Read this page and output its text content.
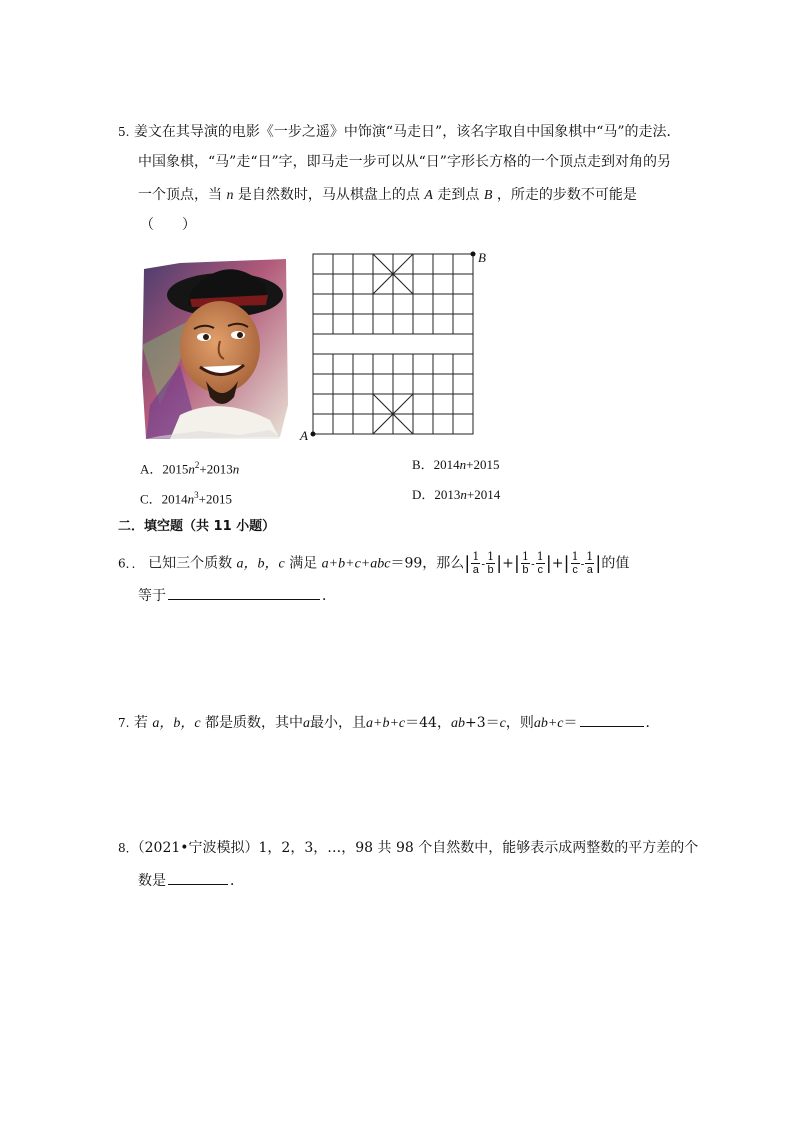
5. 姜文在其导演的电影《一步之遥》中饰演“马走日”，该名字取自中国象棋中“马”的走法．
中国象棋，“马”走“日”字，即马走一步可以从“日”字形长方格的一个顶点走到对角的另
一个顶点，当 n 是自然数时，马从棋盘上的点 A 走到点 B ，所走的步数不可能是
（　　）
B
A
A．$2015n^2+2013n$	B．2014n+2015
C．$2014n^3+2015$	D．2013n+2014
二．填空题（共 11 小题）
6．． 已知三个质数 a，b，c 满足 a+b+c+abc＝99，那么| $\frac{1}{a} - \frac{1}{b}$ |+| $\frac{1}{b} - \frac{1}{c}$ |+| $\frac{1}{c} - \frac{1}{a}$ |的值
等于	．
7. 若 a，b，c 都是质数，其中a最小，且a+b+c＝44，ab+3＝c，则ab+c＝	．
8．（2021•宁波模拟）1，2，3，…，98 共 98 个自然数中，能够表示成两整数的平方差的个
数是	．
